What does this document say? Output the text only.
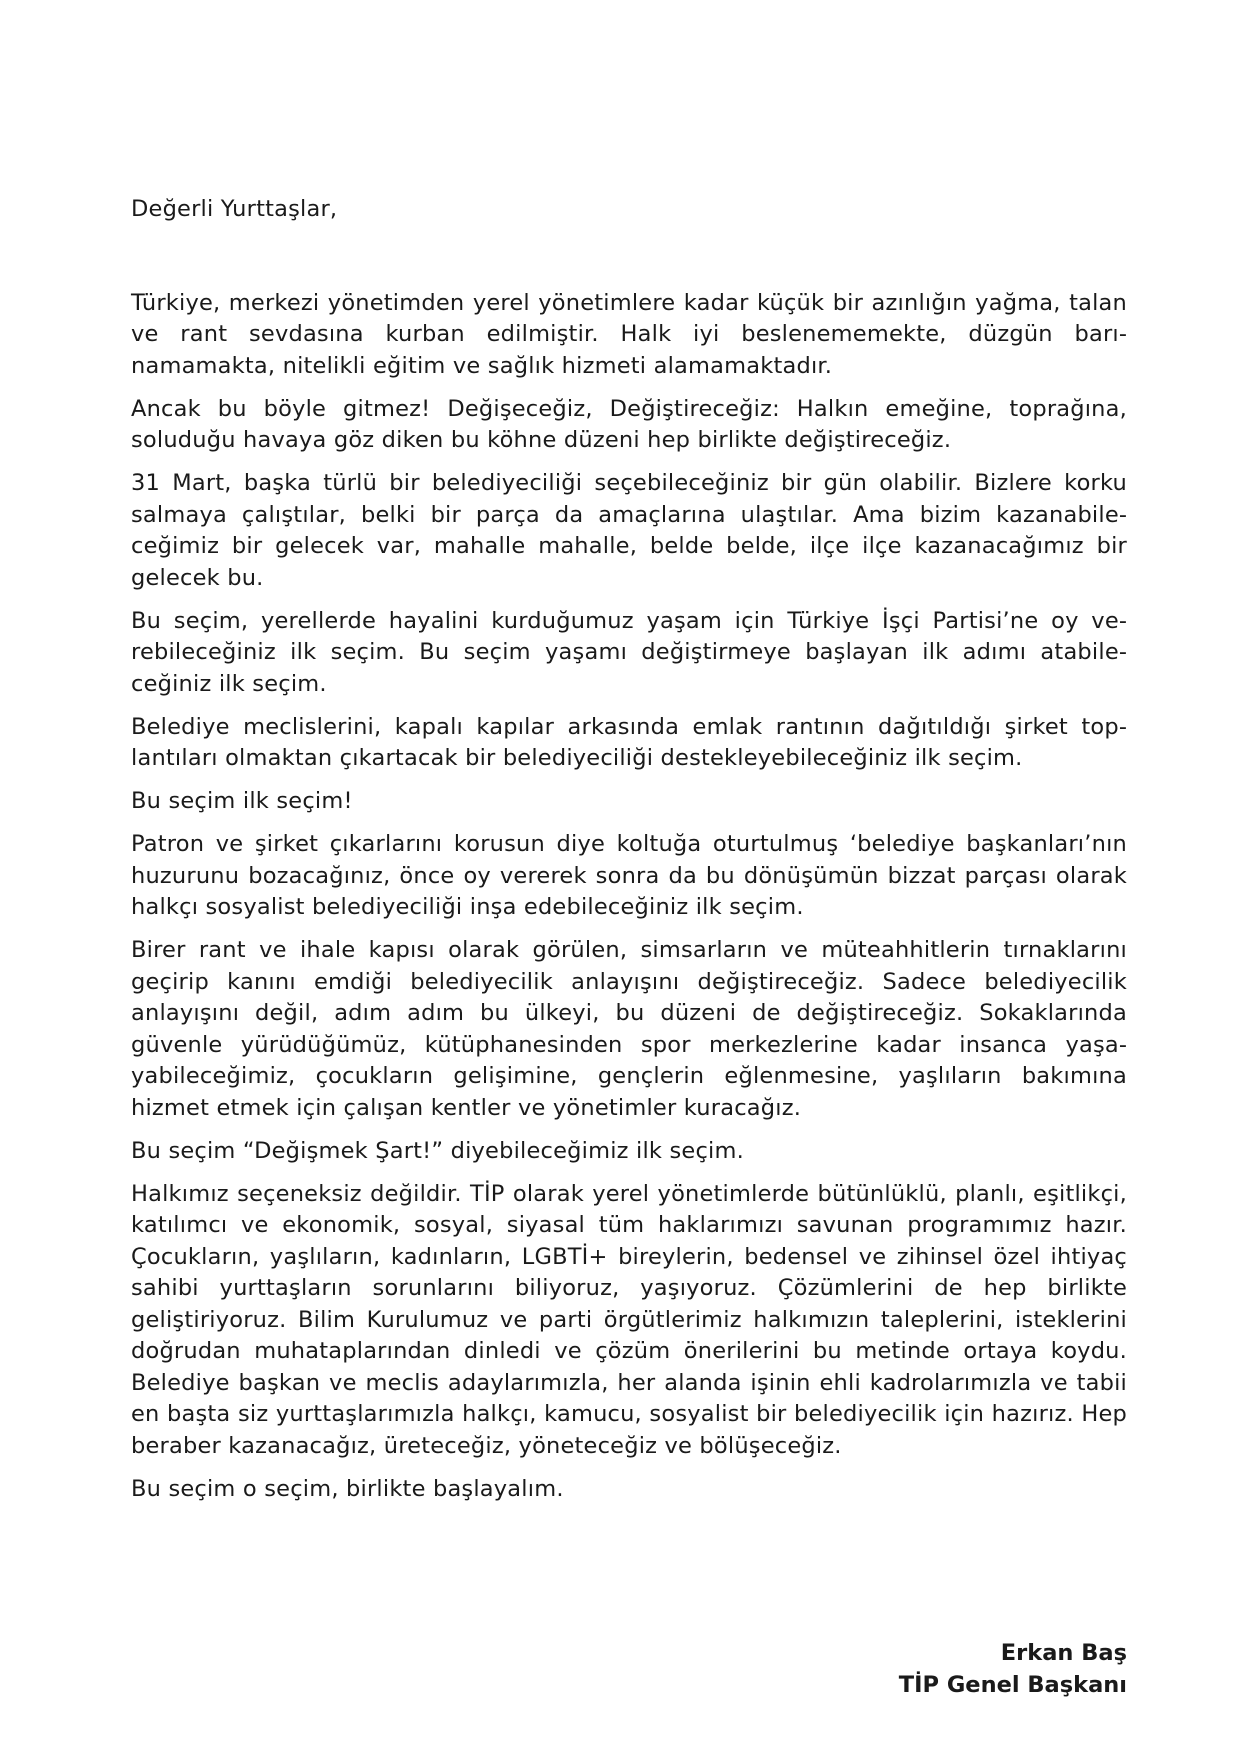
Değerli Yurttaşlar,

Türkiye, merkezi yönetimden yerel yönetimlere kadar küçük bir azınlığın yağma, talan ve rant sevdasına kurban edilmiştir. Halk iyi beslenememekte, düzgün barınamamakta, nitelikli eğitim ve sağlık hizmeti alamamaktadır.

Ancak bu böyle gitmez! Değişeceğiz, Değiştireceğiz: Halkın emeğine, toprağına, soluduğu havaya göz diken bu köhne düzeni hep birlikte değiştireceğiz.

31 Mart, başka türlü bir belediyeciliği seçebileceğiniz bir gün olabilir. Bizlere korku salmaya çalıştılar, belki bir parça da amaçlarına ulaştılar. Ama bizim kazanabileceğimiz bir gelecek var, mahalle mahalle, belde belde, ilçe ilçe kazanacağımız bir gelecek bu.

Bu seçim, yerellerde hayalini kurduğumuz yaşam için Türkiye İşçi Partisi’ne oy verebileceğiniz ilk seçim. Bu seçim yaşamı değiştirmeye başlayan ilk adımı atabileceğiniz ilk seçim.

Belediye meclislerini, kapalı kapılar arkasında emlak rantının dağıtıldığı şirket toplantıları olmaktan çıkartacak bir belediyeciliği destekleyebileceğiniz ilk seçim.

Bu seçim ilk seçim!

Patron ve şirket çıkarlarını korusun diye koltuğa oturtulmuş ‘belediye başkanları’nın huzurunu bozacağınız, önce oy vererek sonra da bu dönüşümün bizzat parçası olarak halkçı sosyalist belediyeciliği inşa edebileceğiniz ilk seçim.

Birer rant ve ihale kapısı olarak görülen, simsarların ve müteahhitlerin tırnaklarını geçirip kanını emdiği belediyecilik anlayışını değiştireceğiz. Sadece belediyecilik anlayışını değil, adım adım bu ülkeyi, bu düzeni de değiştireceğiz. Sokaklarında güvenle yürüdüğümüz, kütüphanesinden spor merkezlerine kadar insanca yaşayabileceğimiz, çocukların gelişimine, gençlerin eğlenmesine, yaşlıların bakımına hizmet etmek için çalışan kentler ve yönetimler kuracağız.

Bu seçim “Değişmek Şart!” diyebileceğimiz ilk seçim.

Halkımız seçeneksiz değildir. TİP olarak yerel yönetimlerde bütünlüklü, planlı, eşitlikçi, katılımcı ve ekonomik, sosyal, siyasal tüm haklarımızı savunan programımız hazır. Çocukların, yaşlıların, kadınların, LGBTİ+ bireylerin, bedensel ve zihinsel özel ihtiyaç sahibi yurttaşların sorunlarını biliyoruz, yaşıyoruz. Çözümlerini de hep birlikte geliştiriyoruz. Bilim Kurulumuz ve parti örgütlerimiz halkımızın taleplerini, isteklerini doğrudan muhataplarından dinledi ve çözüm önerilerini bu metinde ortaya koydu. Belediye başkan ve meclis adaylarımızla, her alanda işinin ehli kadrolarımızla ve tabii en başta siz yurttaşlarımızla halkçı, kamucu, sosyalist bir belediyecilik için hazırız. Hep beraber kazanacağız, üreteceğiz, yöneteceğiz ve bölüşeceğiz.

Bu seçim o seçim, birlikte başlayalım.

Erkan Baş
TİP Genel Başkanı
